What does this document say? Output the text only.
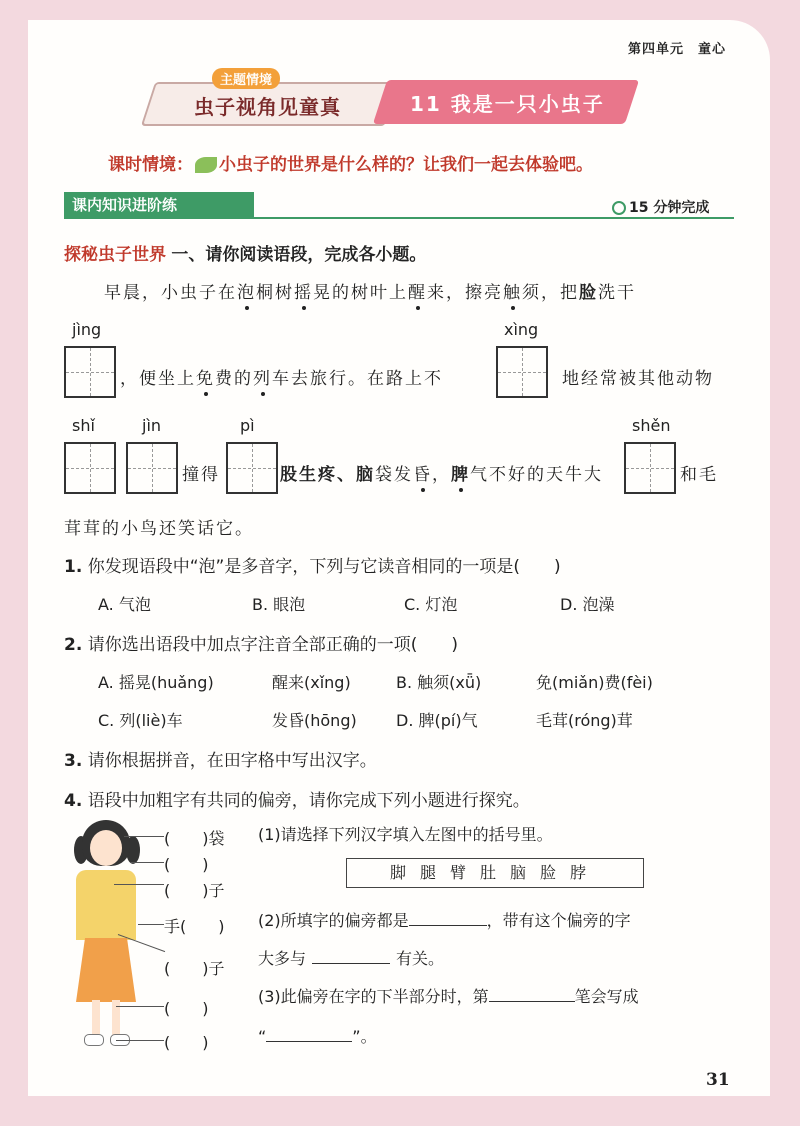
第四单元　童心
主题情境
虫子视角见童真	11 我是一只小虫子
课时情境： 小虫子的世界是什么样的？让我们一起去体验吧。
课内知识进阶练	15 分钟完成
探秘虫子世界 一、请你阅读语段，完成各小题。
早晨，小虫子在泡桐树摇晃的树叶上醒来，擦亮触须，把脸洗干
jìng
，便坐上免费的列车去旅行。在路上不
xìng
地经常被其他动物
shǐ	jìn
撞得
pì
股生疼、脑袋发昏，脾气不好的天牛大
shěn
和毛
茸茸的小鸟还笑话它。
1. 你发现语段中“泡”是多音字，下列与它读音相同的一项是(　　)
A. 气泡	B. 眼泡	C. 灯泡	D. 泡澡
2. 请你选出语段中加点字注音全部正确的一项(　　)
A. 摇晃(huǎng)	醒来(xǐng)	B. 触须(xǖ)	免(miǎn)费(fèi)
C. 列(liè)车	发昏(hōng) D. 脾(pí)气	毛茸(róng)茸
3. 请你根据拼音，在田字格中写出汉字。
4. 语段中加粗字有共同的偏旁，请你完成下列小题进行探究。
(　　)袋
(　　)
(　　)子
手(　　)
(　　)子
(　　)
(　　)
(1)请选择下列汉字填入左图中的括号里。
脚腿臂肚脑脸脖
(2)所填字的偏旁都是	，带有这个偏旁的字
大多与	有关。
(3)此偏旁在字的下半部分时，第	笔会写成
“	”。
31
